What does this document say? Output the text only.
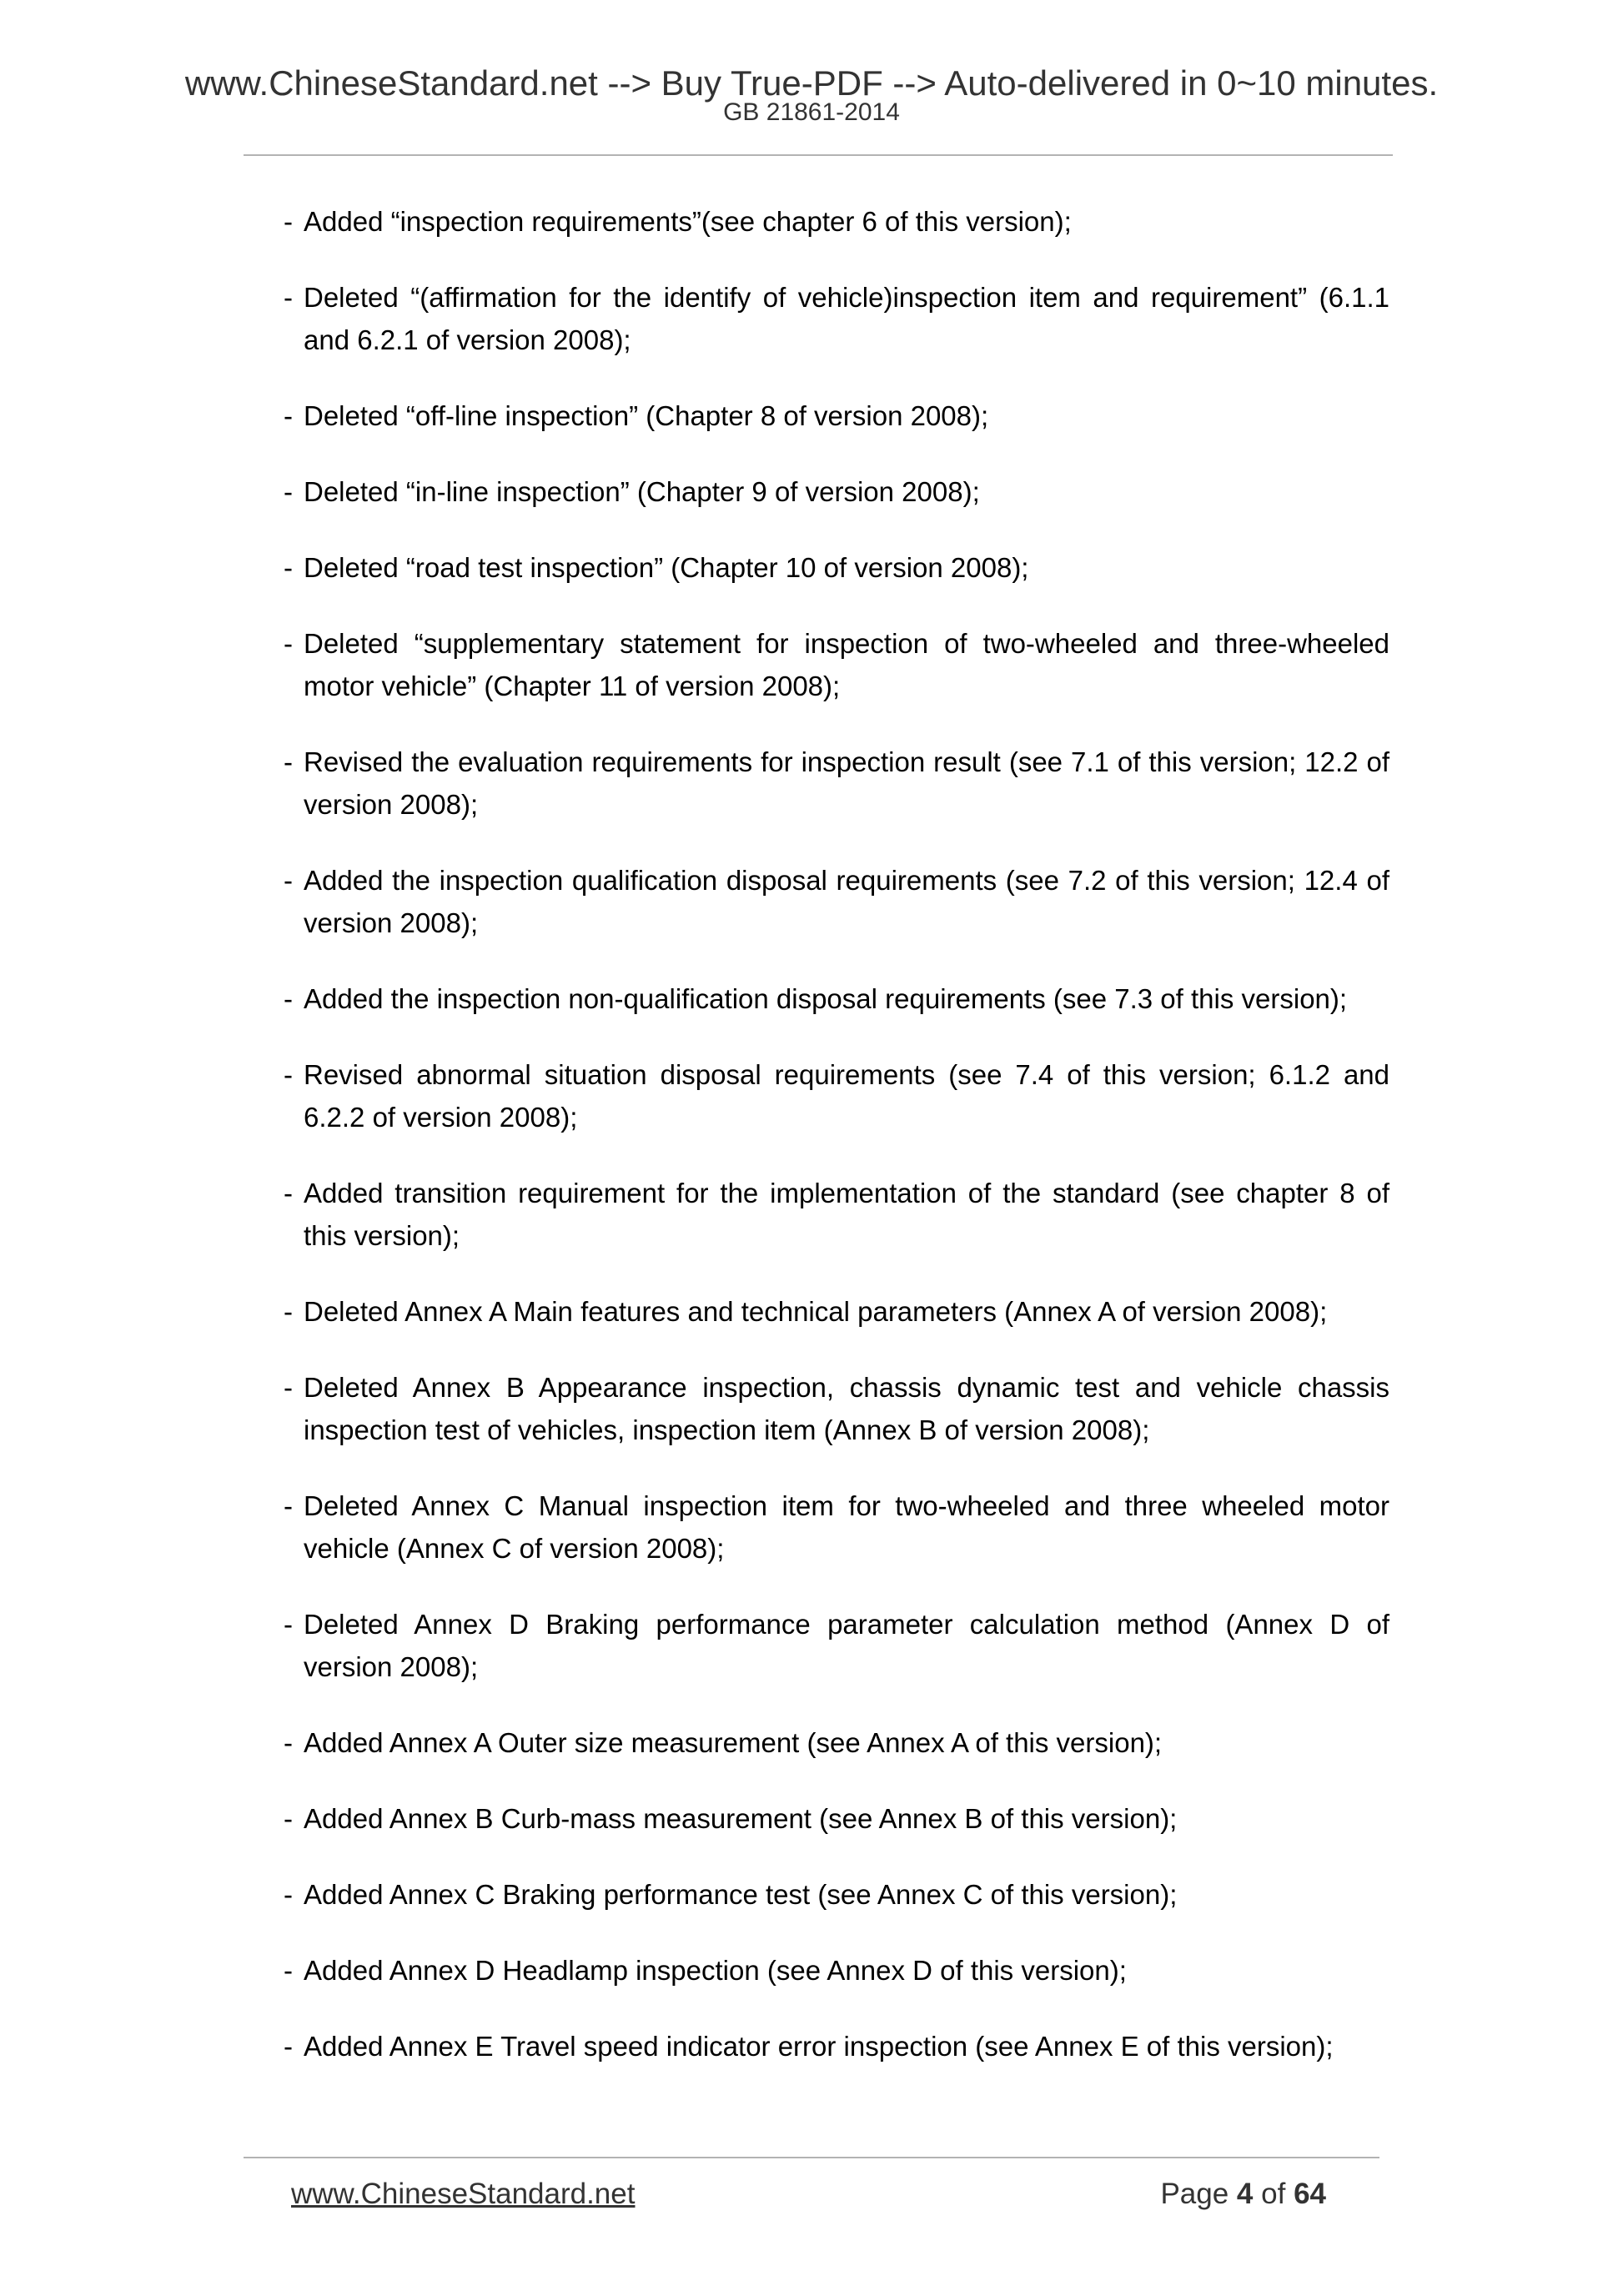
www.ChineseStandard.net --> Buy True-PDF --> Auto-delivered in 0~10 minutes.
GB 21861-2014
- Added “inspection requirements”(see chapter 6 of this version);
- Deleted “(affirmation for the identify of vehicle)inspection item and requirement” (6.1.1 and 6.2.1 of version 2008);
- Deleted “off-line inspection” (Chapter 8 of version 2008);
- Deleted “in-line inspection” (Chapter 9 of version 2008);
- Deleted “road test inspection” (Chapter 10 of version 2008);
- Deleted “supplementary statement for inspection of two-wheeled and three-wheeled motor vehicle” (Chapter 11 of version 2008);
- Revised the evaluation requirements for inspection result (see 7.1 of this version; 12.2 of version 2008);
- Added the inspection qualification disposal requirements (see 7.2 of this version; 12.4 of version 2008);
- Added the inspection non-qualification disposal requirements (see 7.3 of this version);
- Revised abnormal situation disposal requirements (see 7.4 of this version; 6.1.2 and 6.2.2 of version 2008);
- Added transition requirement for the implementation of the standard (see chapter 8 of this version);
- Deleted Annex A Main features and technical parameters (Annex A of version 2008);
- Deleted Annex B Appearance inspection, chassis dynamic test and vehicle chassis inspection test of vehicles, inspection item (Annex B of version 2008);
- Deleted Annex C Manual inspection item for two-wheeled and three wheeled motor vehicle (Annex C of version 2008);
- Deleted Annex D Braking performance parameter calculation method (Annex D of version 2008);
- Added Annex A Outer size measurement (see Annex A of this version);
- Added Annex B Curb-mass measurement (see Annex B of this version);
- Added Annex C Braking performance test (see Annex C of this version);
- Added Annex D Headlamp inspection (see Annex D of this version);
- Added Annex E Travel speed indicator error inspection (see Annex E of this version);
www.ChineseStandard.net	Page 4 of 64
